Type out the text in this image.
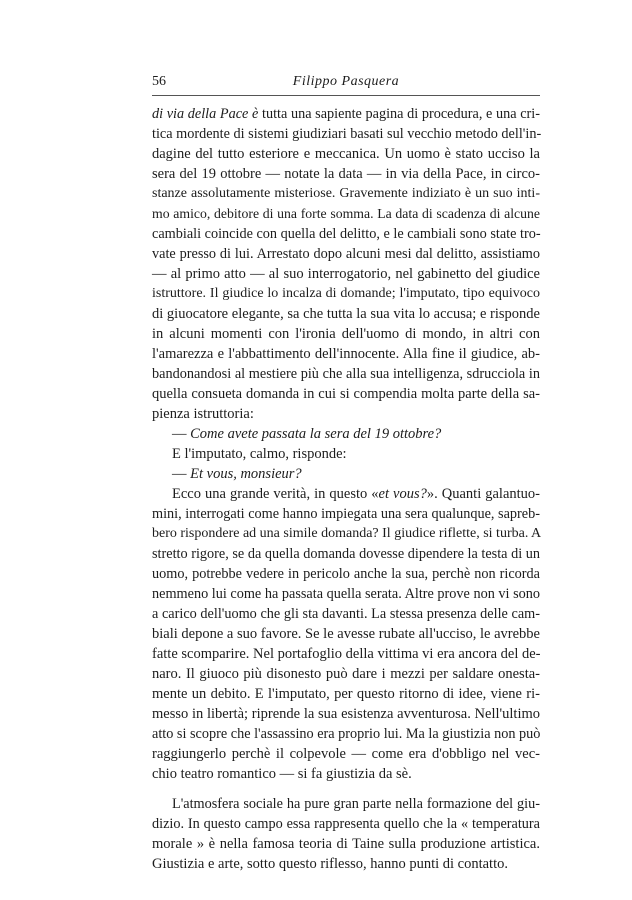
56	Filippo Pasquera
di via della Pace è tutta una sapiente pagina di procedura, e una cri-
tica mordente di sistemi giudiziari basati sul vecchio metodo dell'in-
dagine del tutto esteriore e meccanica. Un uomo è stato ucciso la
sera del 19 ottobre — notate la data — in via della Pace, in circo-
stanze assolutamente misteriose. Gravemente indiziato è un suo inti-
mo amico, debitore di una forte somma. La data di scadenza di alcune
cambiali coincide con quella del delitto, e le cambiali sono state tro-
vate presso di lui. Arrestato dopo alcuni mesi dal delitto, assistiamo
— al primo atto — al suo interrogatorio, nel gabinetto del giudice
istruttore. Il giudice lo incalza di domande; l'imputato, tipo equivoco
di giuocatore elegante, sa che tutta la sua vita lo accusa; e risponde
in alcuni momenti con l'ironia dell'uomo di mondo, in altri con
l'amarezza e l'abbattimento dell'innocente. Alla fine il giudice, ab-
bandonandosi al mestiere più che alla sua intelligenza, sdrucciola in
quella consueta domanda in cui si compendia molta parte della sa-
pienza istruttoria:
— Come avete passata la sera del 19 ottobre?
E l'imputato, calmo, risponde:
— Et vous, monsieur?
Ecco una grande verità, in questo «et vous?». Quanti galantuo-
mini, interrogati come hanno impiegata una sera qualunque, sapreb-
bero rispondere ad una simile domanda? Il giudice riflette, si turba. A
stretto rigore, se da quella domanda dovesse dipendere la testa di un
uomo, potrebbe vedere in pericolo anche la sua, perchè non ricorda
nemmeno lui come ha passata quella serata. Altre prove non vi sono
a carico dell'uomo che gli sta davanti. La stessa presenza delle cam-
biali depone a suo favore. Se le avesse rubate all'ucciso, le avrebbe
fatte scomparire. Nel portafoglio della vittima vi era ancora del de-
naro. Il giuoco più disonesto può dare i mezzi per saldare onesta-
mente un debito. E l'imputato, per questo ritorno di idee, viene ri-
messo in libertà; riprende la sua esistenza avventurosa. Nell'ultimo
atto si scopre che l'assassino era proprio lui. Ma la giustizia non può
raggiungerlo perchè il colpevole — come era d'obbligo nel vec-
chio teatro romantico — si fa giustizia da sè.
L'atmosfera sociale ha pure gran parte nella formazione del giu-
dizio. In questo campo essa rappresenta quello che la « temperatura
morale » è nella famosa teoria di Taine sulla produzione artistica.
Giustizia e arte, sotto questo riflesso, hanno punti di contatto.
